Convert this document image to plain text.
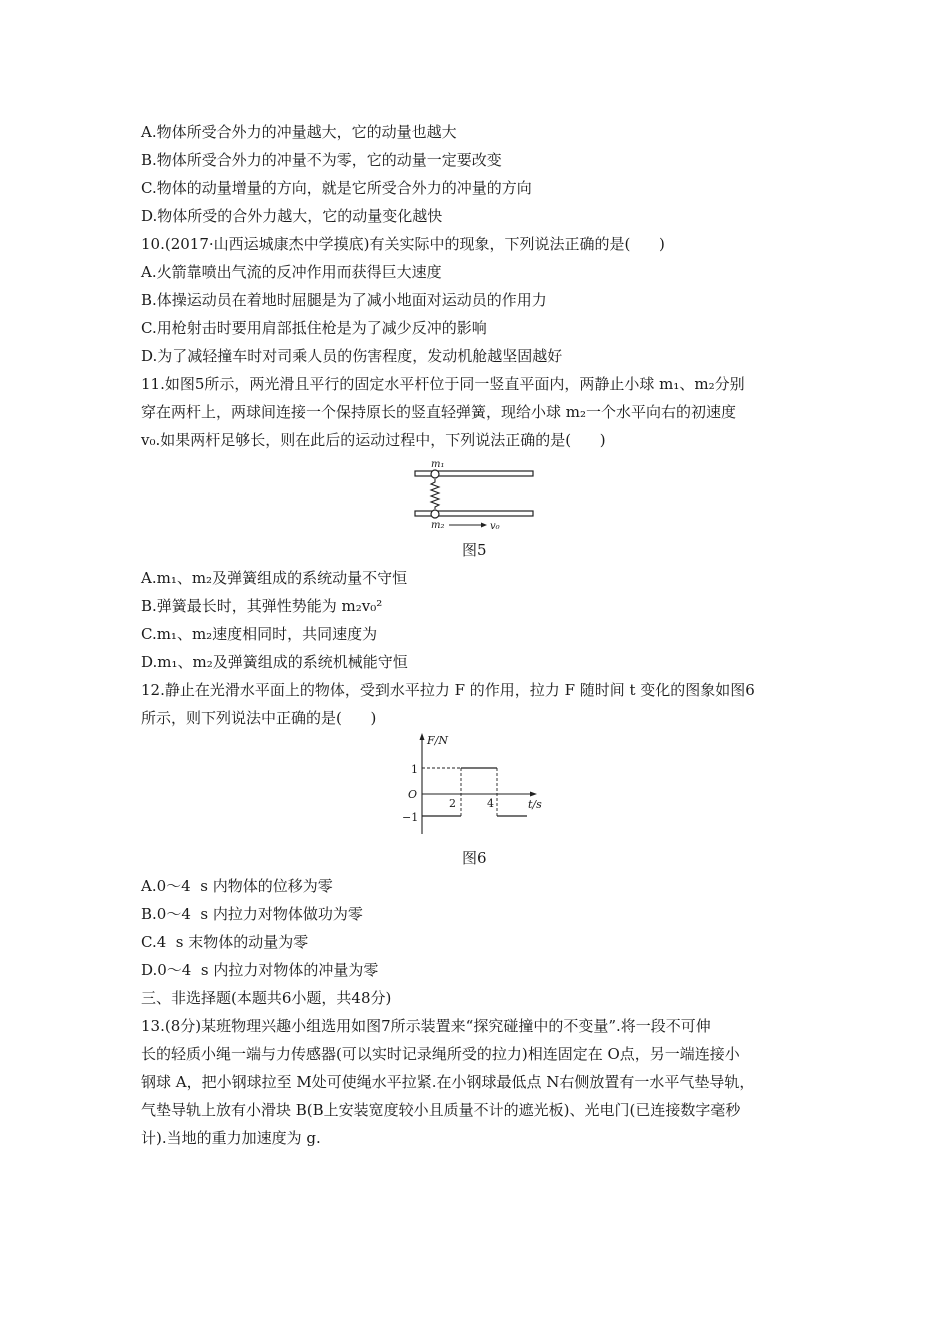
A.物体所受合外力的冲量越大，它的动量也越大
B.物体所受合外力的冲量不为零，它的动量一定要改变
C.物体的动量增量的方向，就是它所受合外力的冲量的方向
D.物体所受的合外力越大，它的动量变化越快
10.(2017·山西运城康杰中学摸底)有关实际中的现象，下列说法正确的是(      )
A.火箭靠喷出气流的反冲作用而获得巨大速度
B.体操运动员在着地时屈腿是为了减小地面对运动员的作用力
C.用枪射击时要用肩部抵住枪是为了减少反冲的影响
D.为了减轻撞车时对司乘人员的伤害程度，发动机舱越坚固越好
11.如图5所示，两光滑且平行的固定水平杆位于同一竖直平面内，两静止小球 m₁、m₂分别
穿在两杆上，两球间连接一个保持原长的竖直轻弹簧，现给小球 m₂一个水平向右的初速度
v₀.如果两杆足够长，则在此后的运动过程中，下列说法正确的是(      )
m₁
m₂	v₀
图5
A.m₁、m₂及弹簧组成的系统动量不守恒
B.弹簧最长时，其弹性势能为 m₂v₀²
C.m₁、m₂速度相同时，共同速度为
D.m₁、m₂及弹簧组成的系统机械能守恒
12.静止在光滑水平面上的物体，受到水平拉力 F 的作用，拉力 F 随时间 t 变化的图象如图6
所示，则下列说法中正确的是(      )
F/N
t/s
O
1
−1
2	4
图6
A.0～4  s 内物体的位移为零
B.0～4  s 内拉力对物体做功为零
C.4  s 末物体的动量为零
D.0～4  s 内拉力对物体的冲量为零
三、非选择题(本题共6小题，共48分)
13.(8分)某班物理兴趣小组选用如图7所示装置来“探究碰撞中的不变量”.将一段不可伸
长的轻质小绳一端与力传感器(可以实时记录绳所受的拉力)相连固定在 O点，另一端连接小
钢球 A，把小钢球拉至 M处可使绳水平拉紧.在小钢球最低点 N右侧放置有一水平气垫导轨，
气垫导轨上放有小滑块 B(B上安装宽度较小且质量不计的遮光板)、光电门(已连接数字毫秒
计).当地的重力加速度为 g.
